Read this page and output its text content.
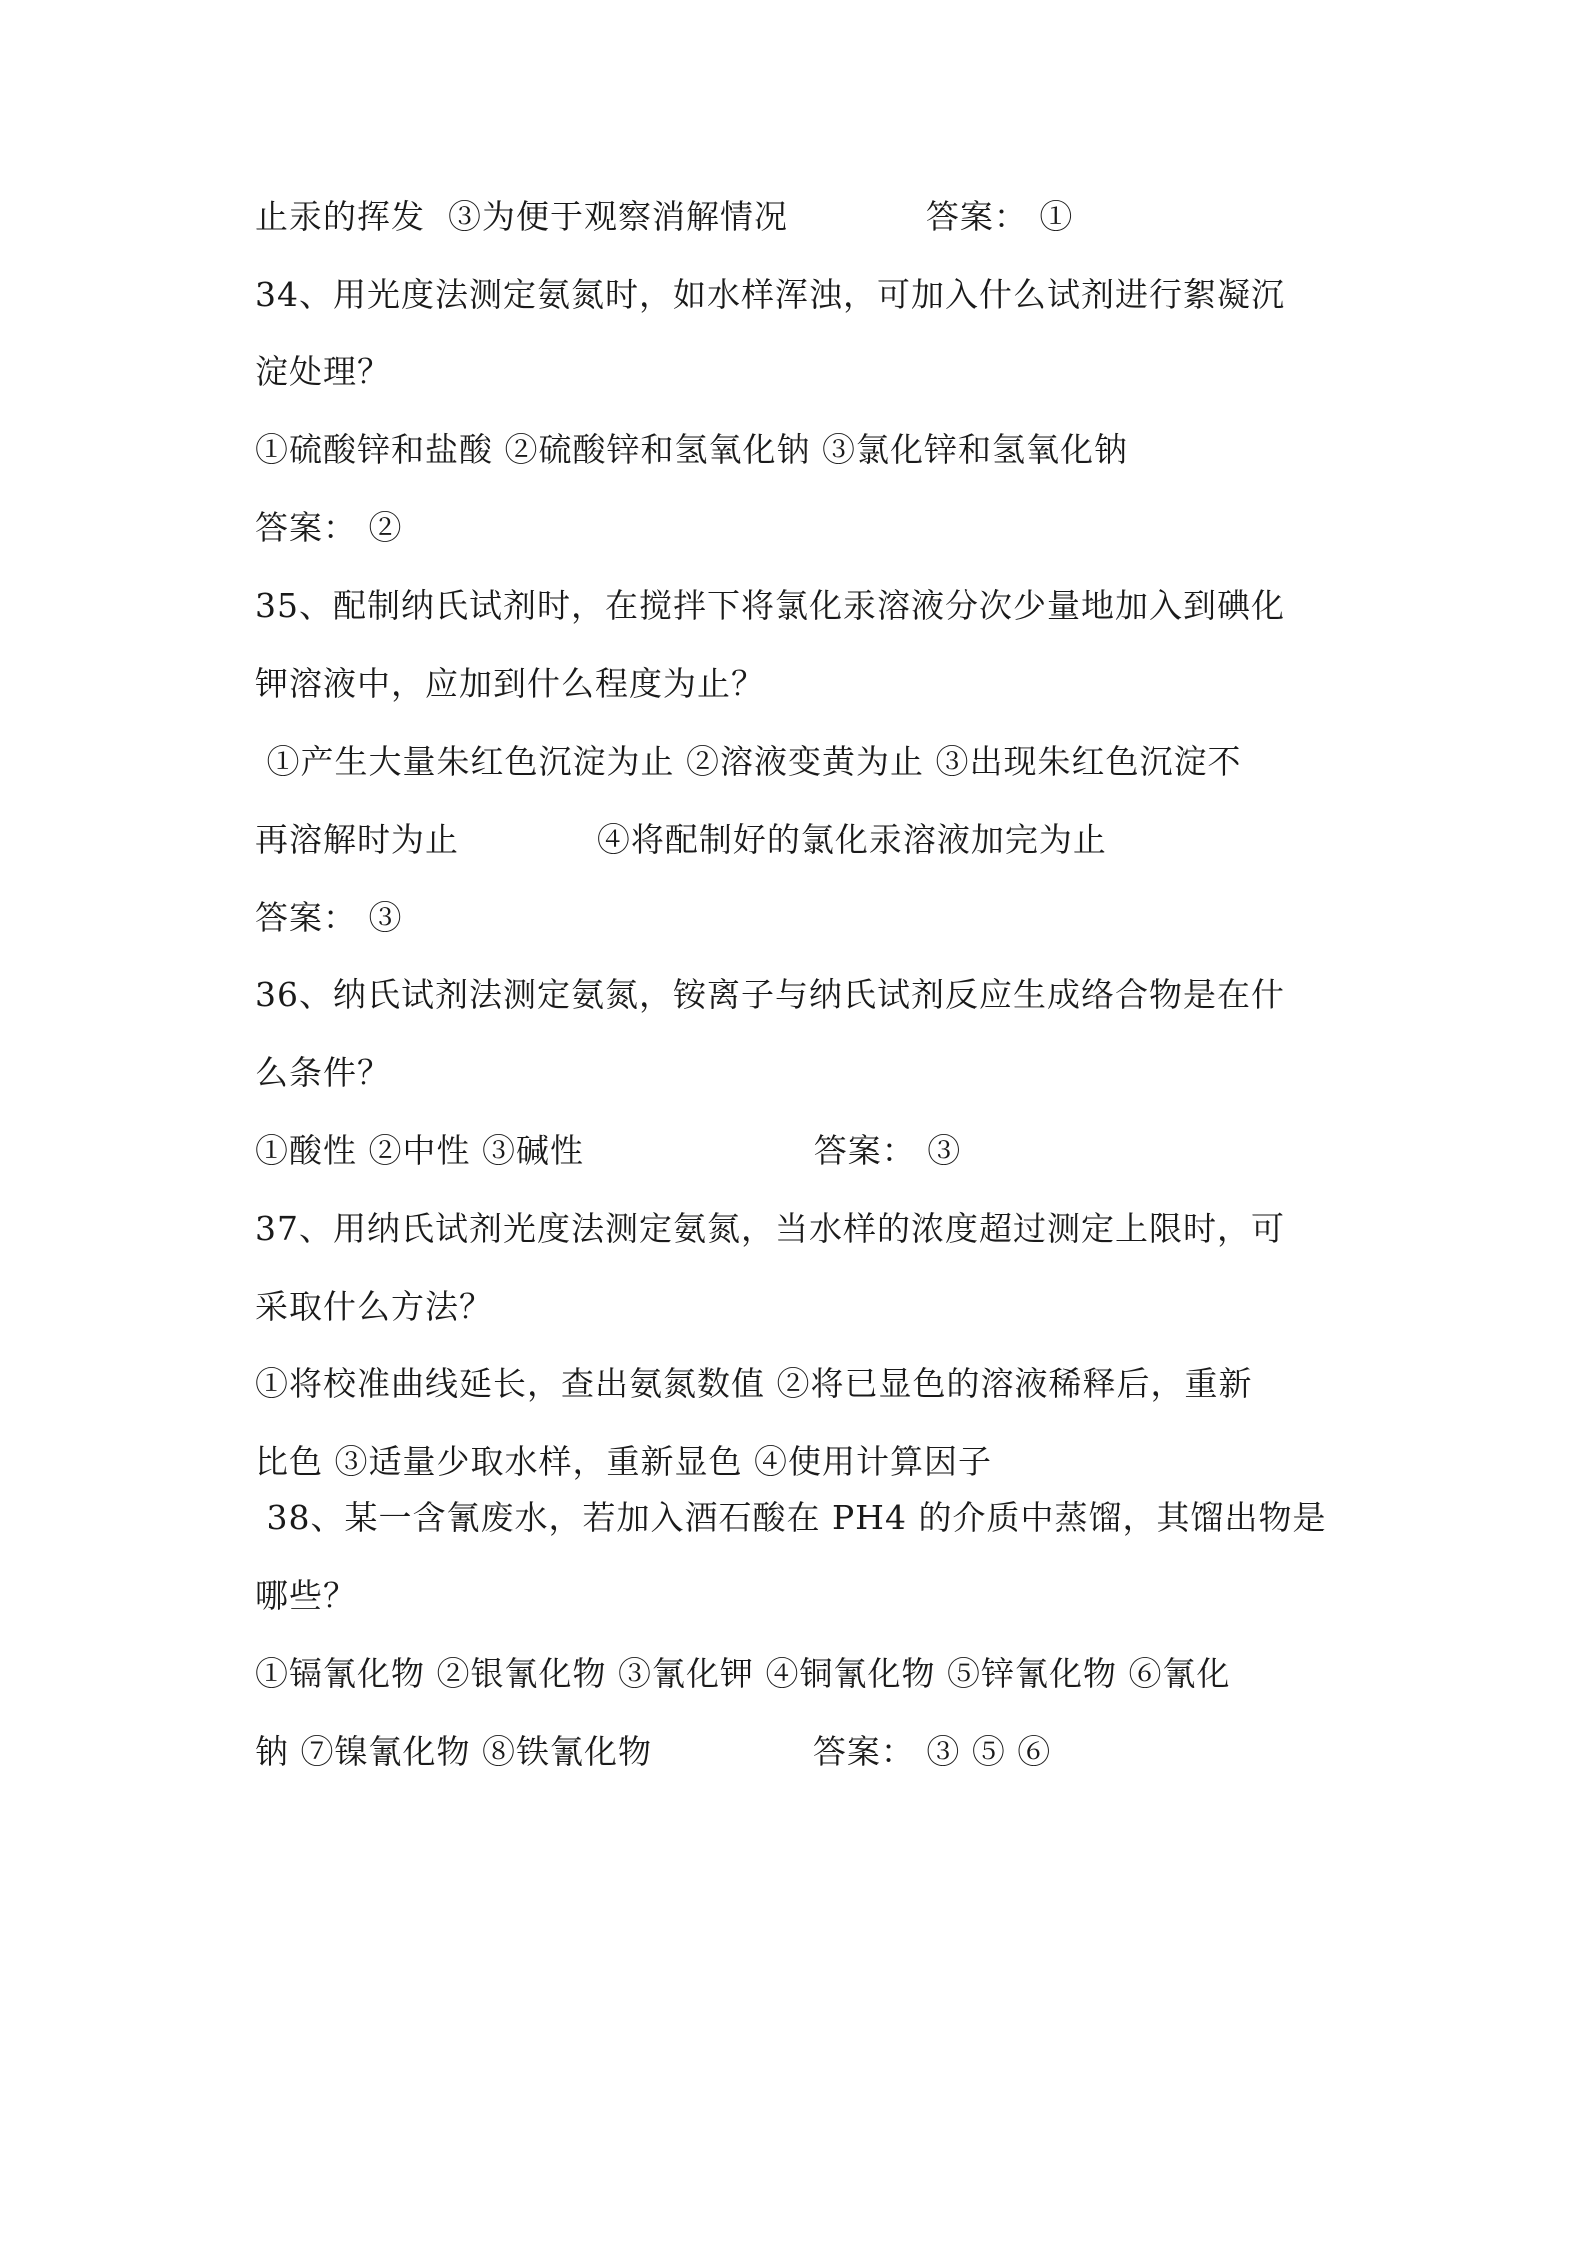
止汞的挥发  ③为便于观察消解情况            答案： ①
34、用光度法测定氨氮时，如水样浑浊，可加入什么试剂进行絮凝沉
淀处理？
①硫酸锌和盐酸 ②硫酸锌和氢氧化钠 ③氯化锌和氢氧化钠
答案： ②
35、配制纳氏试剂时，在搅拌下将氯化汞溶液分次少量地加入到碘化
钾溶液中，应加到什么程度为止？
①产生大量朱红色沉淀为止 ②溶液变黄为止 ③出现朱红色沉淀不
再溶解时为止            ④将配制好的氯化汞溶液加完为止
答案： ③
36、纳氏试剂法测定氨氮，铵离子与纳氏试剂反应生成络合物是在什
么条件？
①酸性 ②中性 ③碱性                    答案： ③
37、用纳氏试剂光度法测定氨氮，当水样的浓度超过测定上限时，可
采取什么方法？
①将校准曲线延长，查出氨氮数值 ②将已显色的溶液稀释后，重新
比色 ③适量少取水样，重新显色 ④使用计算因子
38、某一含氰废水，若加入酒石酸在 PH4 的介质中蒸馏，其馏出物是
哪些？
①镉氰化物 ②银氰化物 ③氰化钾 ④铜氰化物 ⑤锌氰化物 ⑥氰化
钠 ⑦镍氰化物 ⑧铁氰化物              答案： ③ ⑤ ⑥
